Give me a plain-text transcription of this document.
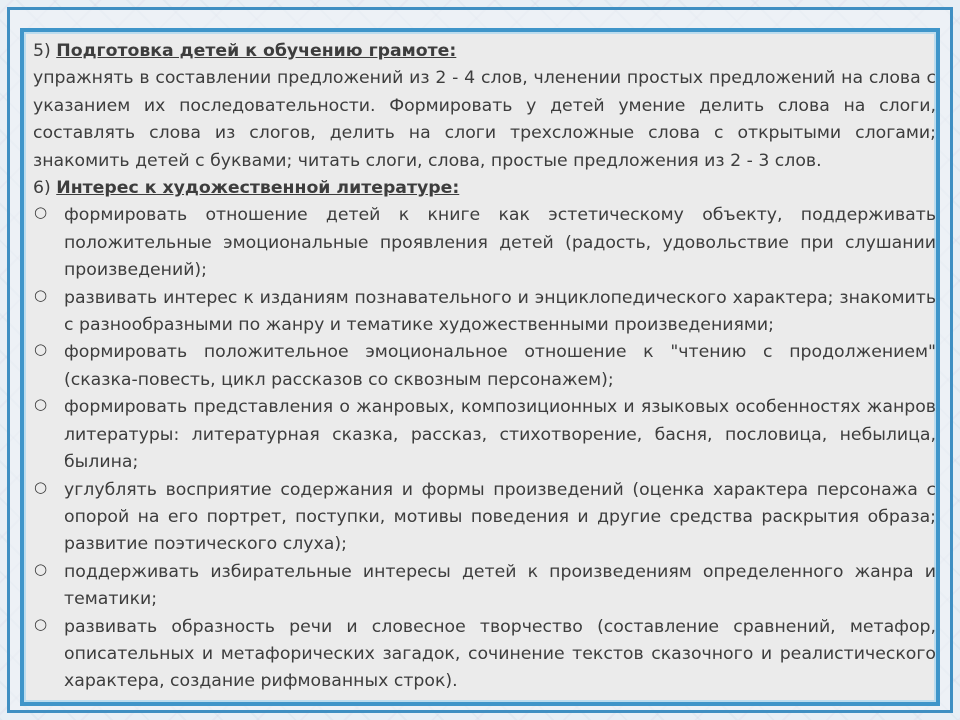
5) Подготовка детей к обучению грамоте:

упражнять в составлении предложений из 2 - 4 слов, членении простых предложений на слова с указанием их последовательности. Формировать у детей умение делить слова на слоги, составлять слова из слогов, делить на слоги трехсложные слова с открытыми слогами; знакомить детей с буквами; читать слоги, слова, простые предложения из 2 - 3 слов.

6) Интерес к художественной литературе:

○ формировать отношение детей к книге как эстетическому объекту, поддерживать положительные эмоциональные проявления детей (радость, удовольствие при слушании произведений);
○ развивать интерес к изданиям познавательного и энциклопедического характера; знакомить с разнообразными по жанру и тематике художественными произведениями;
○ формировать положительное эмоциональное отношение к "чтению с продолжением" (сказка-повесть, цикл рассказов со сквозным персонажем);
○ формировать представления о жанровых, композиционных и языковых особенностях жанров литературы: литературная сказка, рассказ, стихотворение, басня, пословица, небылица, былина;
○ углублять восприятие содержания и формы произведений (оценка характера персонажа с опорой на его портрет, поступки, мотивы поведения и другие средства раскрытия образа; развитие поэтического слуха);
○ поддерживать избирательные интересы детей к произведениям определенного жанра и тематики;
○ развивать образность речи и словесное творчество (составление сравнений, метафор, описательных и метафорических загадок, сочинение текстов сказочного и реалистического характера, создание рифмованных строк).
